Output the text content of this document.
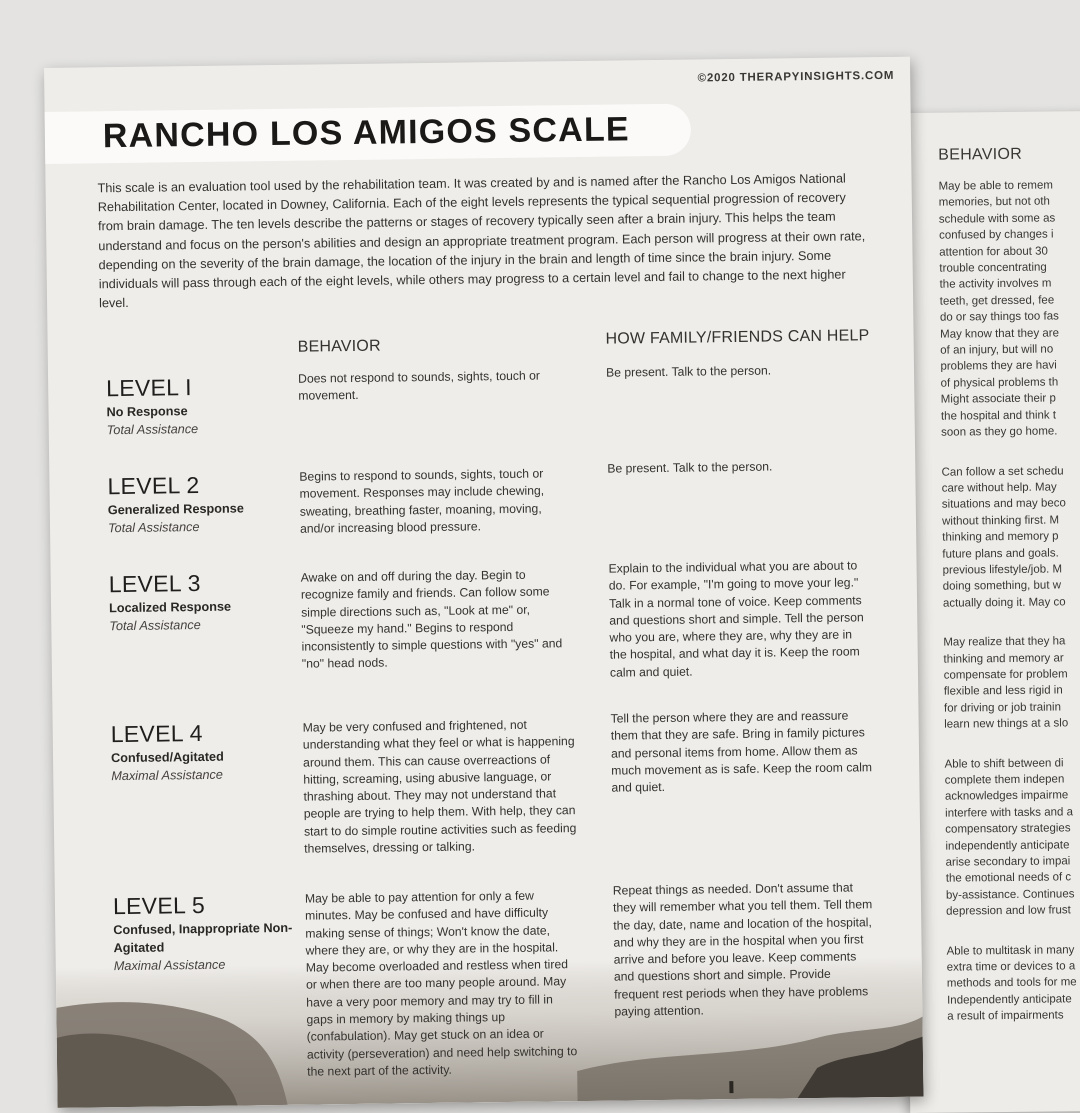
BEHAVIOR
May be able to remem
memories, but not oth
schedule with some as
confused by changes i
attention for about 30
trouble concentrating
the activity involves m
teeth, get dressed, fee
do or say things too fas
May know that they are
of an injury, but will no
problems they are havi
of physical problems th
Might associate their p
the hospital and think t
soon as they go home.
Can follow a set schedu
care without help. May
situations and may beco
without thinking first. M
thinking and memory p
future plans and goals.
previous lifestyle/job. M
doing something, but w
actually doing it. May co
May realize that they ha
thinking and memory ar
compensate for problem
flexible and less rigid in
for driving or job trainin
learn new things at a slo
Able to shift between di
complete them indepen
acknowledges impairme
interfere with tasks and a
compensatory strategies
independently anticipate
arise secondary to impai
the emotional needs of c
by-assistance. Continues
depression and low frust
Able to multitask in many
extra time or devices to a
methods and tools for me
Independently anticipate
a result of impairments
©2020 THERAPYINSIGHTS.COM
RANCHO LOS AMIGOS SCALE

This scale is an evaluation tool used by the rehabilitation team. It was created by and is named after the Rancho Los Amigos National Rehabilitation Center, located in Downey, California. Each of the eight levels represents the typical sequential progression of recovery from brain damage. The ten levels describe the patterns or stages of recovery typically seen after a brain injury. This helps the team understand and focus on the person's abilities and design an appropriate treatment program. Each person will progress at their own rate, depending on the severity of the brain damage, the location of the injury in the brain and length of time since the brain injury. Some individuals will pass through each of the eight levels, while others may progress to a certain level and fail to change to the next higher level.

BEHAVIOR	HOW FAMILY/FRIENDS CAN HELP
LEVEL I
No Response
Total Assistance

Does not respond to sounds, sights, touch or movement.

Be present. Talk to the person.

LEVEL 2
Generalized Response
Total Assistance

Begins to respond to sounds, sights, touch or movement. Responses may include chewing, sweating, breathing faster, moaning, moving, and/or increasing blood pressure.

Be present. Talk to the person.

LEVEL 3
Localized Response
Total Assistance

Awake on and off during the day. Begin to recognize family and friends. Can follow some simple directions such as, "Look at me" or, "Squeeze my hand." Begins to respond inconsistently to simple questions with "yes" and "no" head nods.

Explain to the individual what you are about to do. For example, "I'm going to move your leg." Talk in a normal tone of voice. Keep comments and questions short and simple. Tell the person who you are, where they are, why they are in the hospital, and what day it is. Keep the room calm and quiet.

LEVEL 4
Confused/Agitated
Maximal Assistance

May be very confused and frightened, not understanding what they feel or what is happening around them. This can cause overreactions of hitting, screaming, using abusive language, or thrashing about. They may not understand that people are trying to help them. With help, they can start to do simple routine activities such as feeding themselves, dressing or talking.

Tell the person where they are and reassure them that they are safe. Bring in family pictures and personal items from home. Allow them as much movement as is safe. Keep the room calm and quiet.

LEVEL 5
Confused, Inappropriate Non-Agitated
Maximal Assistance

May be able to pay attention for only a few minutes. May be confused and have difficulty making sense of things; Won't know the date, where they are, or why they are in the hospital. May become overloaded and restless when tired or when there are too many people around. May have a very poor memory and may try to fill in gaps in memory by making things up (confabulation). May get stuck on an idea or activity (perseveration) and need help switching to the next part of the activity.

Repeat things as needed. Don't assume that they will remember what you tell them. Tell them the day, date, name and location of the hospital, and why they are in the hospital when you first arrive and before you leave. Keep comments and questions short and simple. Provide frequent rest periods when they have problems paying attention.
